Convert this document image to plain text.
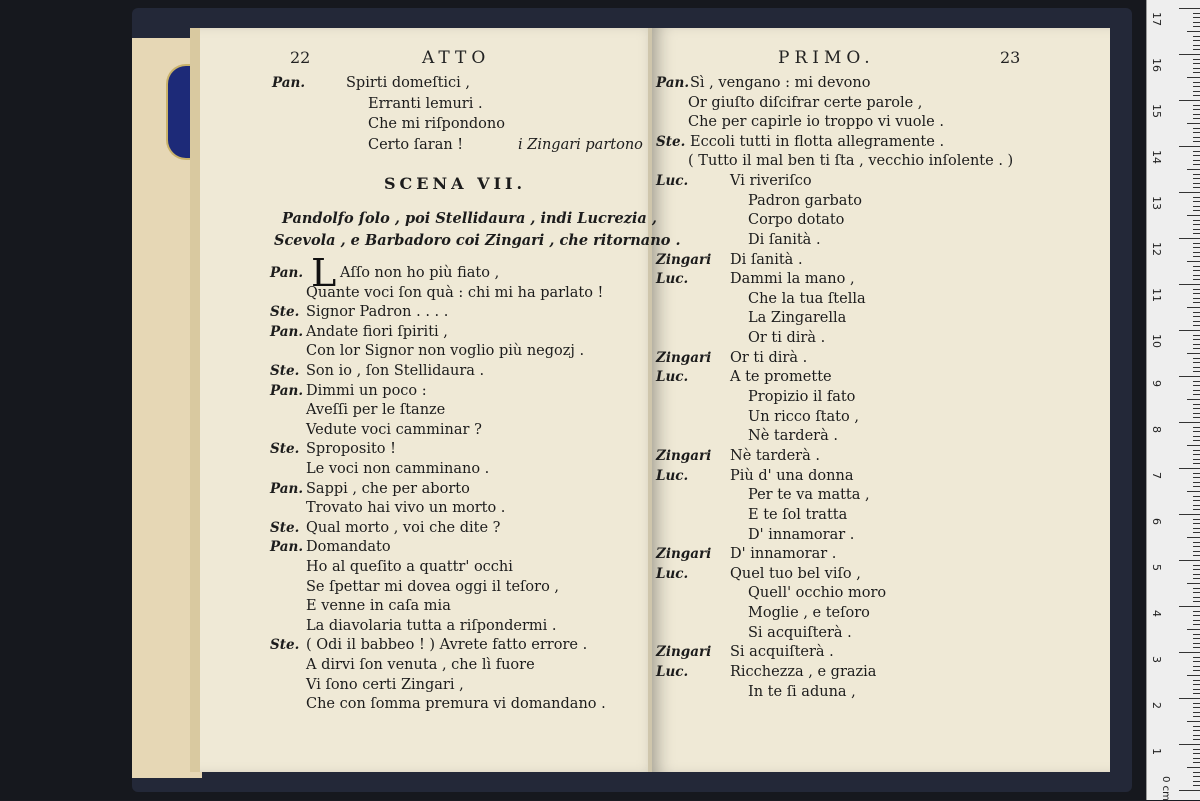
22	ATTO	PRIMO.	23
Pan.	Spirti domeſtici ,
Erranti lemuri .
Che mi riſpondono
Certo ſaran !	i Zingari partono
SCENA VII.
Pandolfo ſolo , poi Stellidaura , indi Lucrezia ,
Scevola , e Barbadoro coi Zingari , che ritornano .
L
Pan.	Aſſo non ho più fiato ,
Quante voci ſon quà : chi mi ha parlato !
Ste. Signor Padron . . . .
Pan. Andate fiori ſpiriti ,
Con lor Signor non voglio più negozj .
Ste. Son io , ſon Stellidaura .
Pan. Dimmi un poco :
Aveſſi per le ſtanze
Vedute voci camminar ?
Ste. Sproposito !
Le voci non camminano .
Pan. Sappi , che per aborto
Trovato hai vivo un morto .
Ste. Qual morto , voi che dite ?
Pan. Domandato
Ho al queſito a quattr' occhi
Se ſpettar mi dovea oggi il teſoro ,
E venne in caſa mia
La diavolaria tutta a riſpondermi .
Ste. ( Odi il babbeo ! ) Avrete fatto errore .
A dirvi ſon venuta , che lì fuore
Vi ſono certi Zingari ,
Che con ſomma premura vi domandano .
Pan. Sì , vengano : mi devono
Or giuſto diſcifrar certe parole ,
Che per capirle io troppo vi vuole .
Ste. Eccoli tutti in flotta allegramente .
( Tutto il mal ben ti ſta , vecchio inſolente . )
Luc.	Vi riveriſco
Padron garbato
Corpo dotato
Di ſanità .
Zingari Di ſanità .
Luc.	Dammi la mano ,
Che la tua ſtella
La Zingarella
Or ti dirà .
Zingari Or ti dirà .
Luc.	A te promette
Propizio il fato
Un ricco ſtato ,
Nè tarderà .
Zingari Nè tarderà .
Luc.	Più d' una donna
Per te va matta ,
E te ſol tratta
D' innamorar .
Zingari D' innamorar .
Luc.	Quel tuo bel viſo ,
Quell' occhio moro
Moglie , e teſoro
Si acquiſterà .
Zingari Si acquiſterà .
Luc.	Ricchezza , e grazia
In te ſi aduna ,
17
16
15
14
13
12
11
10
9
8
7
6
5
4
3
2
1
0 cm
